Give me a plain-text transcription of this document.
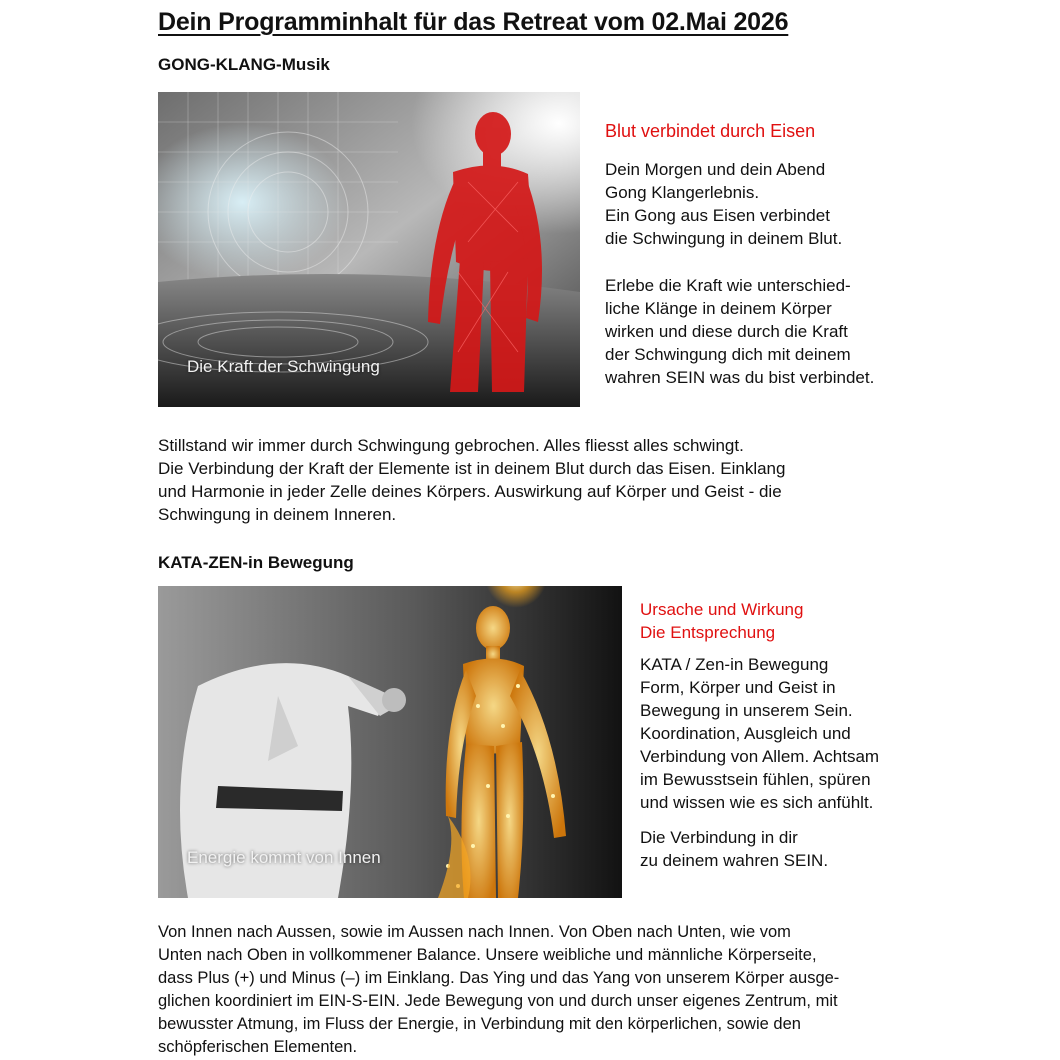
Dein Programminhalt für das Retreat vom 02.Mai 2026
GONG-KLANG-Musik
Die Kraft der Schwingung
Blut verbindet durch Eisen
Dein Morgen und dein Abend
Gong Klangerlebnis.
Ein Gong aus Eisen verbindet
die Schwingung in deinem Blut.
Erlebe die Kraft wie unterschied-
liche Klänge in deinem Körper
wirken und diese durch die Kraft
der Schwingung dich mit deinem
wahren SEIN was du bist verbindet.
Stillstand wir immer durch Schwingung gebrochen. Alles fliesst alles schwingt.
Die Verbindung der Kraft der Elemente ist in deinem Blut durch das Eisen. Einklang
und Harmonie in jeder Zelle deines Körpers. Auswirkung auf Körper und Geist - die
Schwingung in deinem Inneren.
KATA-ZEN-in Bewegung
Energie kommt von Innen
Ursache und Wirkung
Die Entsprechung
KATA / Zen-in Bewegung
Form, Körper und Geist in
Bewegung in unserem Sein.
Koordination, Ausgleich und
Verbindung von Allem. Achtsam
im Bewusstsein fühlen, spüren
und wissen wie es sich anfühlt.
Die Verbindung in dir
zu deinem wahren SEIN.
Von Innen nach Aussen, sowie im Aussen nach Innen. Von Oben nach Unten, wie vom
Unten nach Oben in vollkommener Balance. Unsere weibliche und männliche Körperseite,
dass Plus (+) und Minus (–) im Einklang. Das Ying und das Yang von unserem Körper ausge-
glichen koordiniert im EIN-S-EIN. Jede Bewegung von und durch unser eigenes Zentrum, mit
bewusster Atmung, im Fluss der Energie, in Verbindung mit den körperlichen, sowie den
schöpferischen Elementen.
